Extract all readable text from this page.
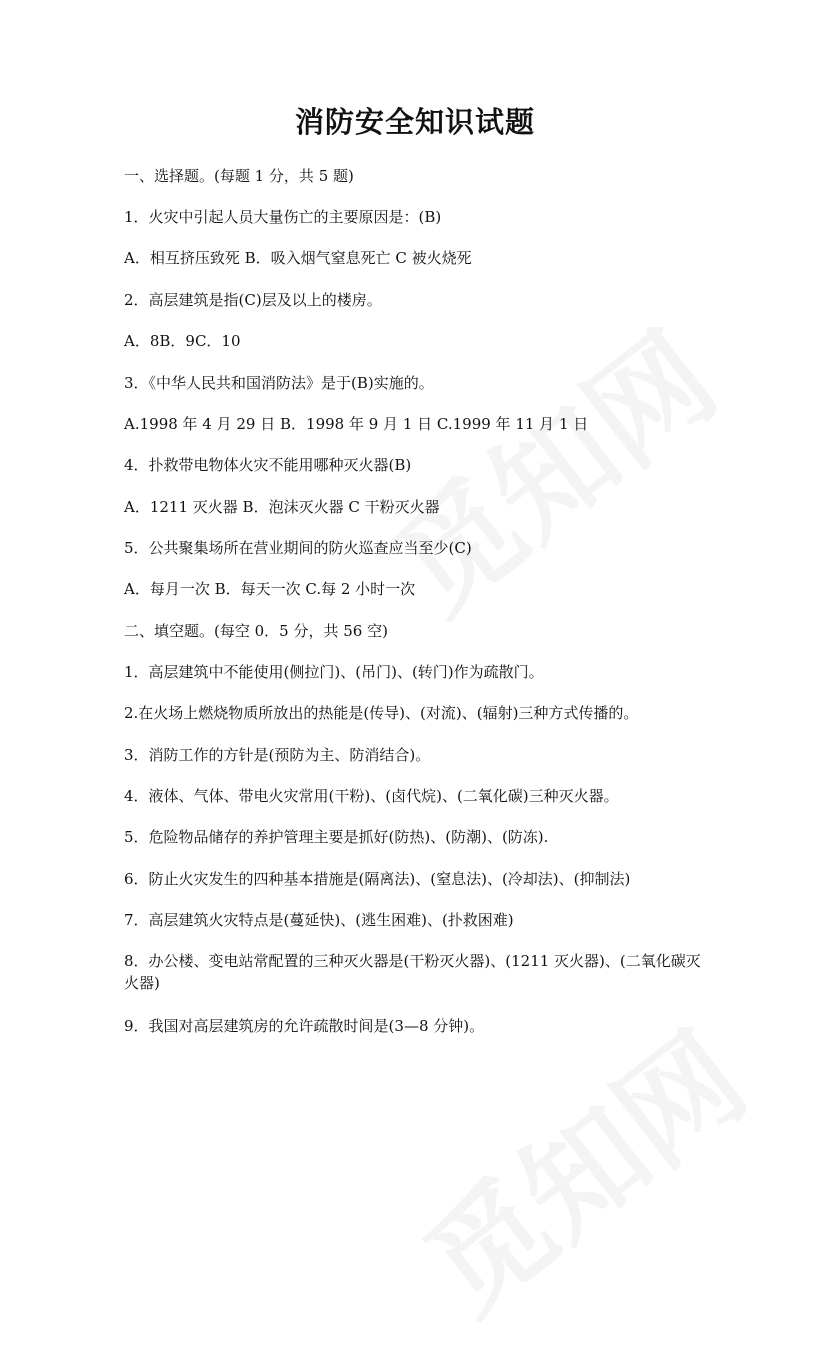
消防安全知识试题
一、选择题。(每题 1 分，共 5 题)
1．火灾中引起人员大量伤亡的主要原因是：(B)
A．相互挤压致死 B．吸入烟气窒息死亡 C 被火烧死
2．高层建筑是指(C)层及以上的楼房。
A．8B．9C．10
3．《中华人民共和国消防法》是于(B)实施的。
A.1998 年 4 月 29 日 B．1998 年 9 月 1 日 C.1999 年 11 月 1 日
4．扑救带电物体火灾不能用哪种灭火器(B)
A．1211 灭火器 B．泡沫灭火器 C 干粉灭火器
5．公共聚集场所在营业期间的防火巡查应当至少(C)
A．每月一次 B．每天一次 C.每 2 小时一次
二、填空题。(每空 0．5 分，共 56 空)
1．高层建筑中不能使用(侧拉门)、(吊门)、(转门)作为疏散门。
2.在火场上燃烧物质所放出的热能是(传导)、(对流)、(辐射)三种方式传播的。
3．消防工作的方针是(预防为主、防消结合)。
4．液体、气体、带电火灾常用(干粉)、(卤代烷)、(二氧化碳)三种灭火器。
5．危险物品储存的养护管理主要是抓好(防热)、(防潮)、(防冻).
6．防止火灾发生的四种基本措施是(隔离法)、(窒息法)、(冷却法)、(抑制法)
7．高层建筑火灾特点是(蔓延快)、(逃生困难)、(扑救困难)
8．办公楼、变电站常配置的三种灭火器是(干粉灭火器)、(1211 灭火器)、(二氧化碳灭火器)
9．我国对高层建筑房的允许疏散时间是(3—8 分钟)。
